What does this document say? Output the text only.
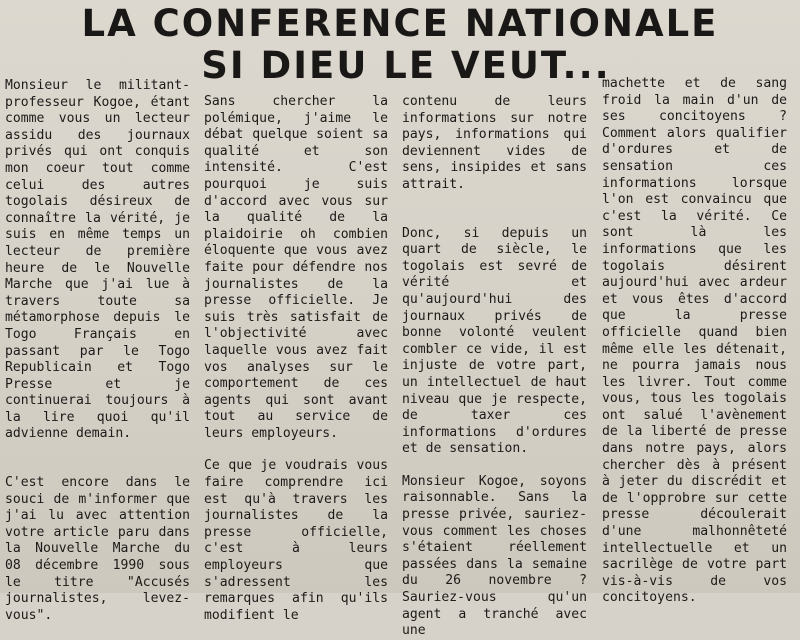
LA CONFERENCE NATIONALE
SI DIEU LE VEUT...

Monsieur le militant-professeur Kogoe, étant comme vous un lecteur assidu des journaux privés qui ont conquis mon coeur tout comme celui des autres togolais désireux de connaître la vérité, je suis en même temps un lecteur de première heure de le Nouvelle Marche que j'ai lue à travers toute sa métamorphose depuis le Togo Français en passant par le Togo Republicain et Togo Presse et je continuerai toujours à la lire quoi qu'il advienne demain.

C'est encore dans le souci de m'informer que j'ai lu avec attention votre article paru dans la Nouvelle Marche du 08 décembre 1990 sous le titre "Accusés journalistes, levez-vous".

Sans chercher la polémique, j'aime le débat quelque soient sa qualité et son intensité. C'est pourquoi je suis d'accord avec vous sur la qualité de la plaidoirie oh combien éloquente que vous avez faite pour défendre nos journalistes de la presse officielle. Je suis très satisfait de l'objectivité avec laquelle vous avez fait vos analyses sur le comportement de ces agents qui sont avant tout au service de leurs employeurs.

Ce que je voudrais vous faire comprendre ici est qu'à travers les journalistes de la presse officielle, c'est à leurs employeurs que s'adressent les remarques afin qu'ils modifient le

contenu de leurs informations sur notre pays, informations qui deviennent vides de sens, insipides et sans attrait.

Donc, si depuis un quart de siècle, le togolais est sevré de vérité et qu'aujourd'hui des journaux privés de bonne volonté veulent combler ce vide, il est injuste de votre part, un intellectuel de haut niveau que je respecte, de taxer ces informations d'ordures et de sensation.

Monsieur Kogoe, soyons raisonnable. Sans la presse privée, sauriez-vous comment les choses s'étaient réellement passées dans la semaine du 26 novembre ? Sauriez-vous qu'un agent a tranché avec une

machette et de sang froid la main d'un de ses concitoyens ? Comment alors qualifier d'ordures et de sensation ces informations lorsque l'on est convaincu que c'est la vérité. Ce sont là les informations que les togolais désirent aujourd'hui avec ardeur et vous êtes d'accord que la presse officielle quand bien même elle les détenait, ne pourra jamais nous les livrer. Tout comme vous, tous les togolais ont salué l'avènement de la liberté de presse dans notre pays, alors chercher dès à présent à jeter du discrédit et de l'opprobre sur cette presse découlerait d'une malhonnêteté intellectuelle et un sacrilège de votre part vis-à-vis de vos concitoyens.
